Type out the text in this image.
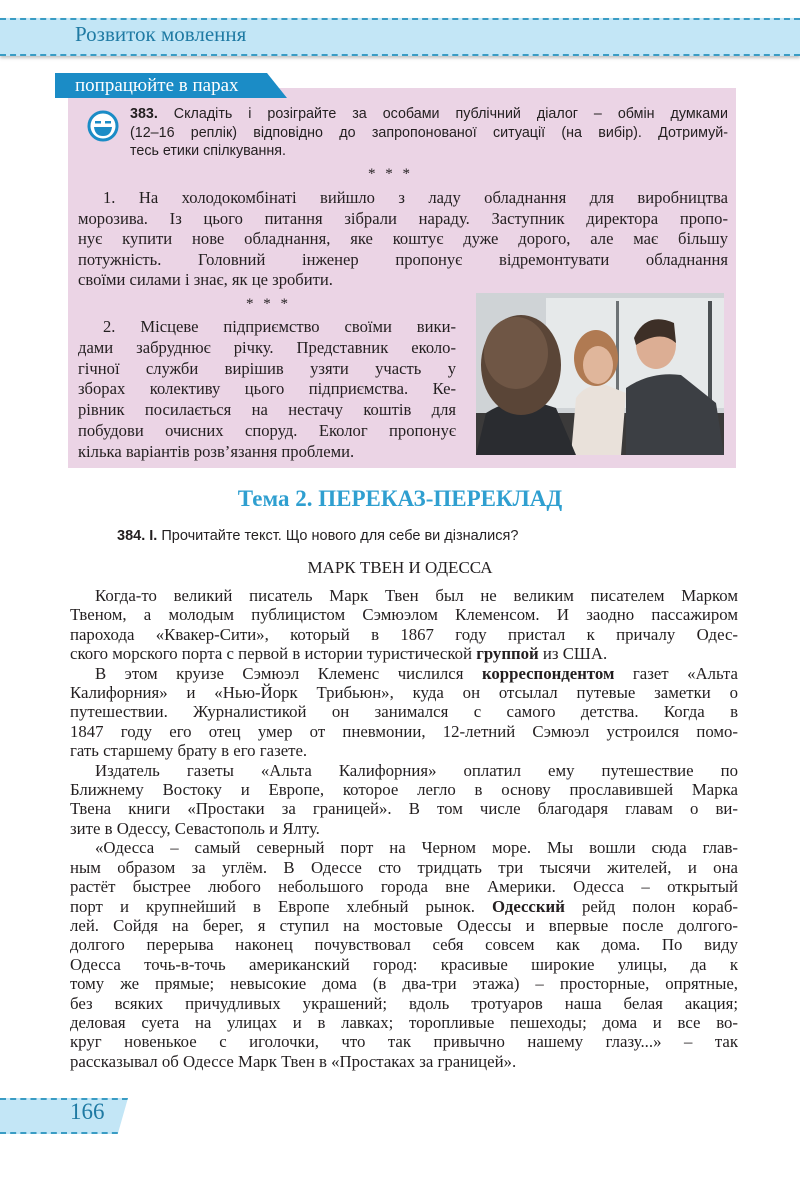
Розвиток мовлення
попрацюйте в парах
383. Складіть і розіграйте за особами публічний діалог – обмін думками
(12–16 реплік) відповідно до запропонованої ситуації (на вибір). Дотримуй-
тесь етики спілкування.
* * *
1. На холодокомбінаті вийшло з ладу обладнання для виробництва
морозива. Із цього питання зібрали нараду. Заступник директора пропо-
нує купити нове обладнання, яке коштує дуже дорого, але має більшу
потужність. Головний інженер пропонує відремонтувати обладнання
своїми силами і знає, як це зробити.
* * *
2. Місцеве підприємство своїми вики-
дами забруднює річку. Представник еколо-
гічної служби вирішив узяти участь у
зборах колективу цього підприємства. Ке-
рівник посилається на нестачу коштів для
побудови очисних споруд. Еколог пропонує
кілька варіантів розв’язання проблеми.
Тема 2. ПЕРЕКАЗ-ПЕРЕКЛАД
384. I. Прочитайте текст. Що нового для себе ви дізналися?
МАРК ТВЕН И ОДЕССА
Когда-то великий писатель Марк Твен был не великим писателем Марком
Твеном, а молодым публицистом Сэмюэлом Клеменсом. И заодно пассажиром
парохода «Квакер-Сити», который в 1867 году пристал к причалу Одес-
ского морского порта с первой в истории туристической группой из США.
В этом круизе Сэмюэл Клеменс числился корреспондентом газет «Альта
Калифорния» и «Нью-Йорк Трибьюн», куда он отсылал путевые заметки о
путешествии. Журналистикой он занимался с самого детства. Когда в
1847 году его отец умер от пневмонии, 12-летний Сэмюэл устроился помо-
гать старшему брату в его газете.
Издатель газеты «Альта Калифорния» оплатил ему путешествие по
Ближнему Востоку и Европе, которое легло в основу прославившей Марка
Твена книги «Простаки за границей». В том числе благодаря главам о ви-
зите в Одессу, Севастополь и Ялту.
«Одесса – самый северный порт на Черном море. Мы вошли сюда глав-
ным образом за углём. В Одессе сто тридцать три тысячи жителей, и она
растёт быстрее любого небольшого города вне Америки. Одесса – открытый
порт и крупнейший в Европе хлебный рынок. Одесский рейд полон кораб-
лей. Сойдя на берег, я ступил на мостовые Одессы и впервые после долгого-
долгого перерыва наконец почувствовал себя совсем как дома. По виду
Одесса точь-в-точь американский город: красивые широкие улицы, да к
тому же прямые; невысокие дома (в два-три этажа) – просторные, опрятные,
без всяких причудливых украшений; вдоль тротуаров наша белая акация;
деловая суета на улицах и в лавках; торопливые пешеходы; дома и все во-
круг новенькое с иголочки, что так привычно нашему глазу...» – так
рассказывал об Одессе Марк Твен в «Простаках за границей».
166
